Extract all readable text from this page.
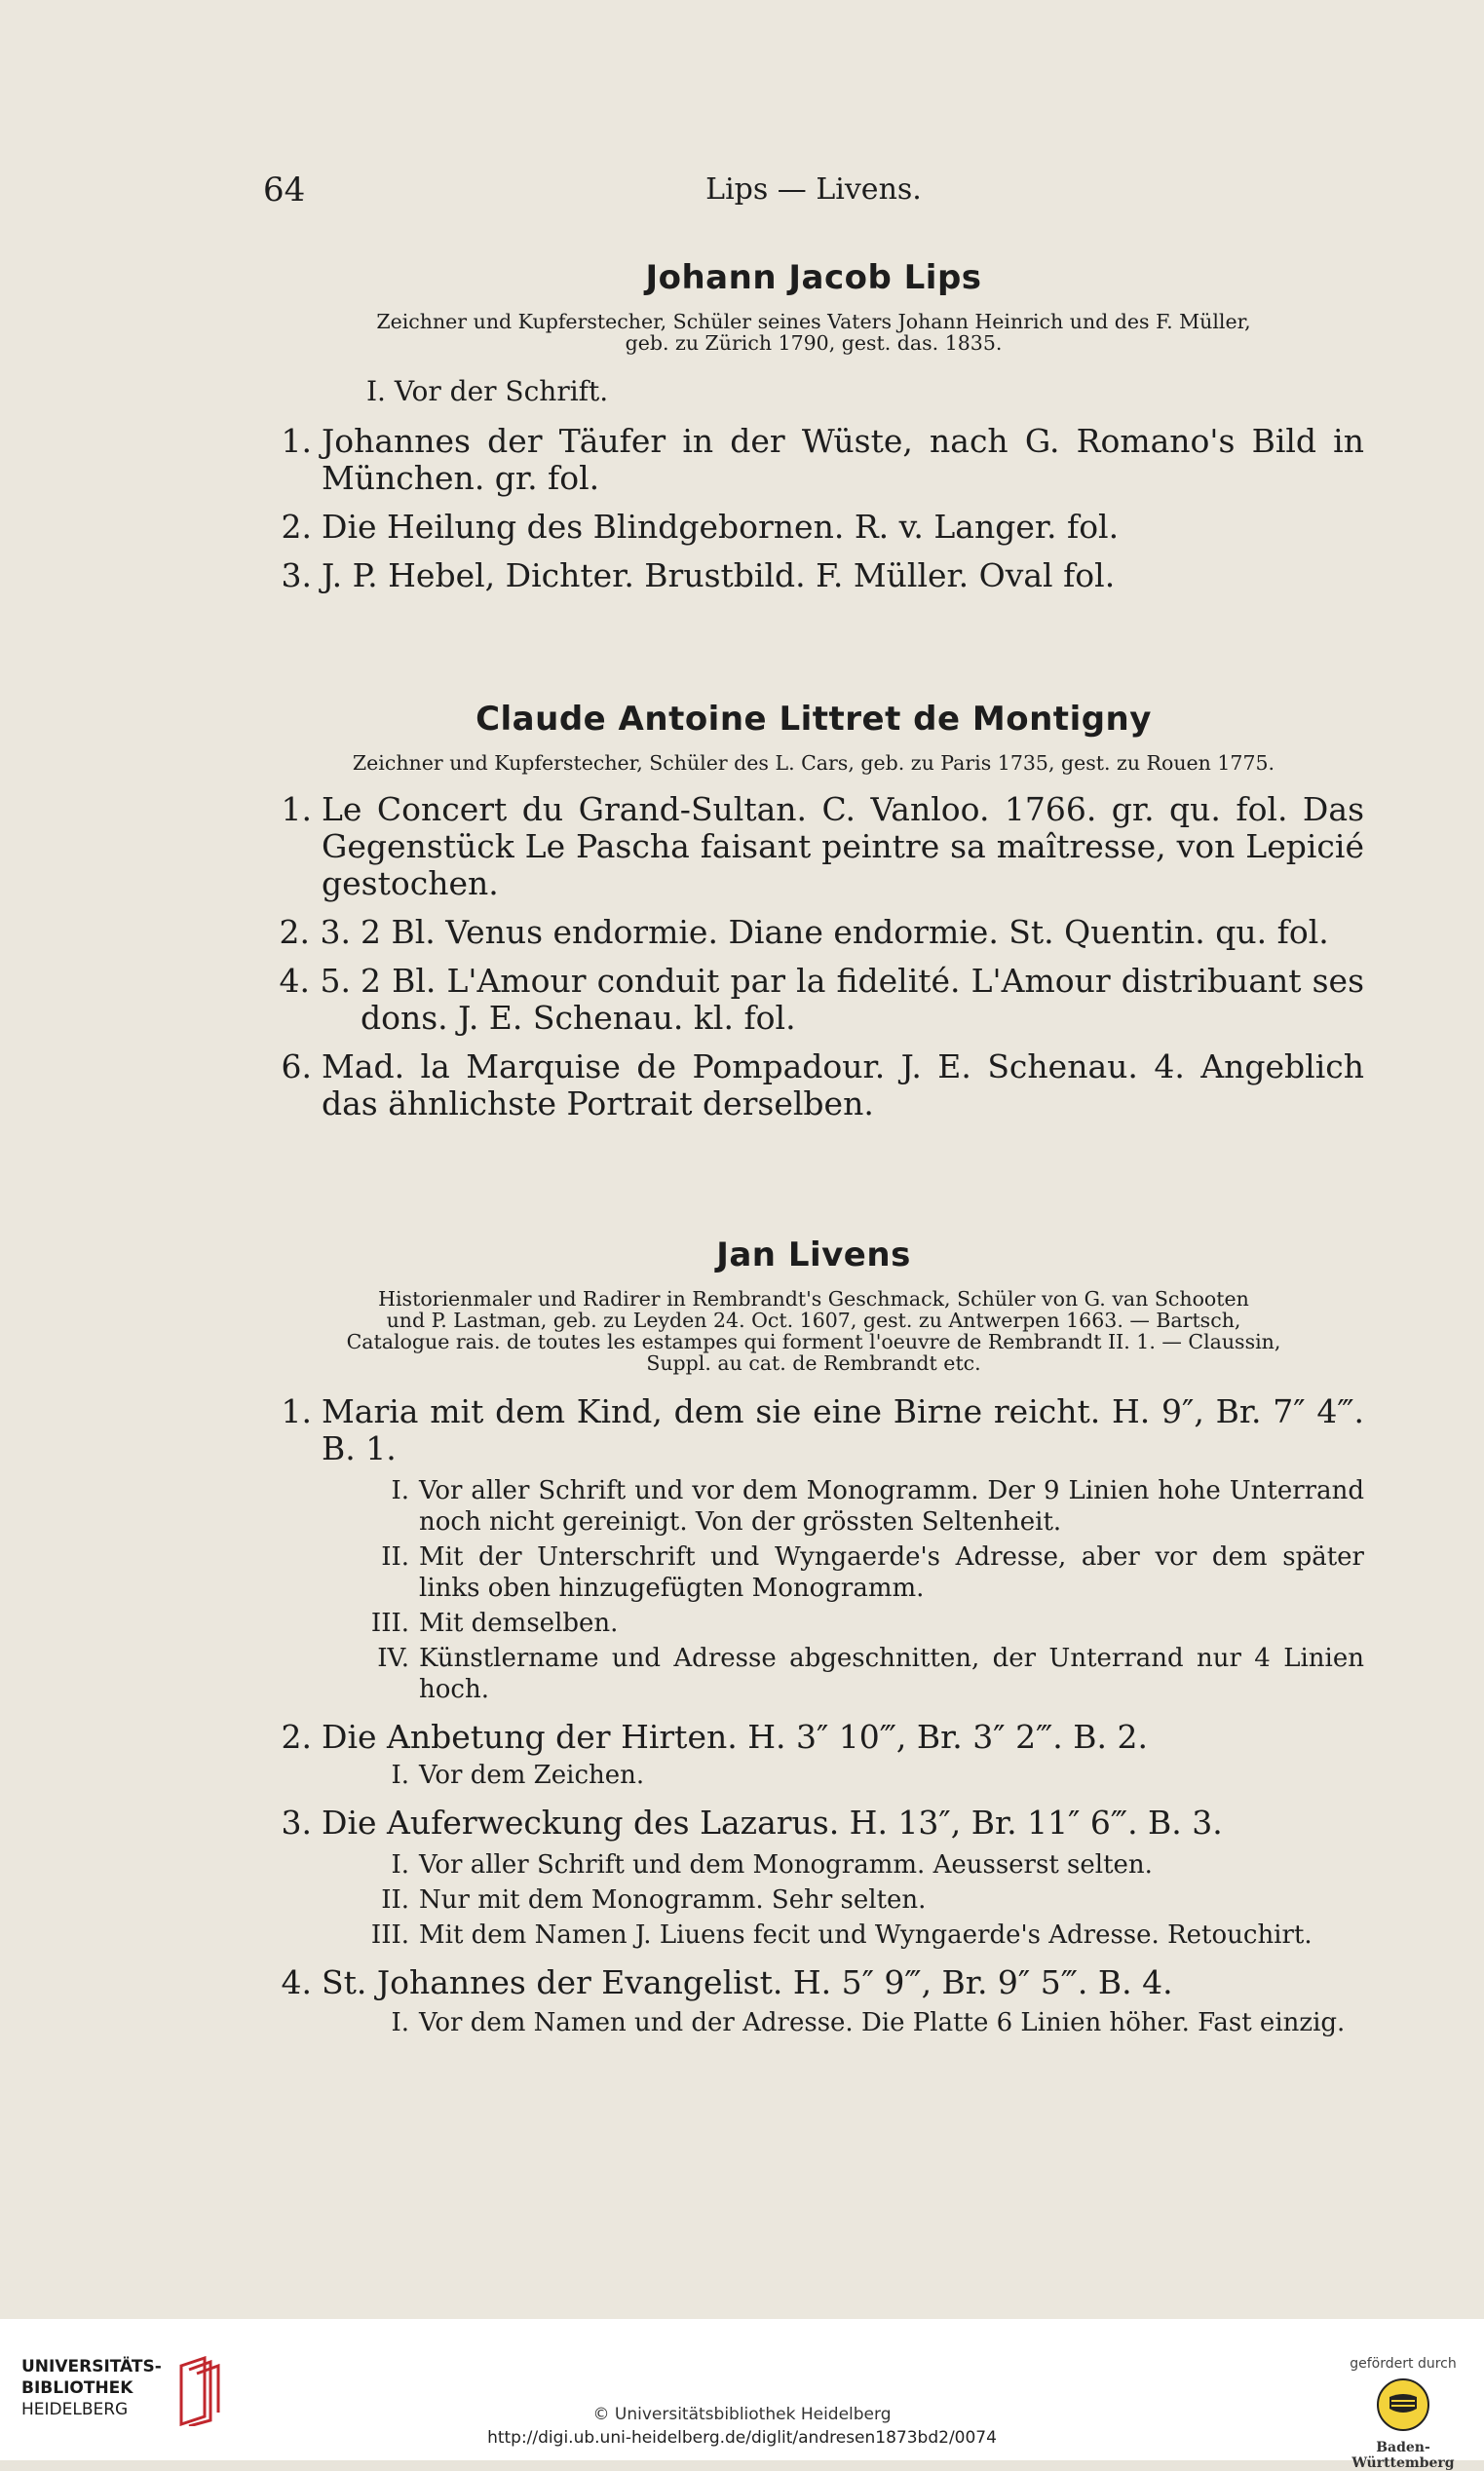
64	Lips — Livens.
Johann Jacob Lips
Zeichner und Kupferstecher, Schüler seines Vaters Johann Heinrich und des F. Müller,
geb. zu Zürich 1790, gest. das. 1835.
I. Vor der Schrift.
1. Johannes der Täufer in der Wüste, nach G. Romano's Bild in München. gr. fol.
2. Die Heilung des Blindgebornen. R. v. Langer. fol.
3. J. P. Hebel, Dichter. Brustbild. F. Müller. Oval fol.
Claude Antoine Littret de Montigny
Zeichner und Kupferstecher, Schüler des L. Cars, geb. zu Paris 1735, gest. zu Rouen 1775.
1. Le Concert du Grand-Sultan. C. Vanloo. 1766. gr. qu. fol. Das Gegenstück Le Pascha faisant peintre sa maîtresse, von Lepicié gestochen.
2. 3. 2 Bl. Venus endormie. Diane endormie. St. Quentin. qu. fol.
4. 5. 2 Bl. L'Amour conduit par la fidelité. L'Amour distribuant ses dons. J. E. Schenau. kl. fol.
6. Mad. la Marquise de Pompadour. J. E. Schenau. 4. Angeblich das ähnlichste Portrait derselben.
Jan Livens
Historienmaler und Radirer in Rembrandt's Geschmack, Schüler von G. van Schooten
und P. Lastman, geb. zu Leyden 24. Oct. 1607, gest. zu Antwerpen 1663. — Bartsch,
Catalogue rais. de toutes les estampes qui forment l'oeuvre de Rembrandt II. 1. — Claussin,
Suppl. au cat. de Rembrandt etc.
1. Maria mit dem Kind, dem sie eine Birne reicht. H. 9″, Br. 7″ 4‴. B. 1.
I. Vor aller Schrift und vor dem Monogramm. Der 9 Linien hohe Unterrand noch nicht gereinigt. Von der grössten Seltenheit.
II. Mit der Unterschrift und Wyngaerde's Adresse, aber vor dem später links oben hinzugefügten Monogramm.
III. Mit demselben.
IV. Künstlername und Adresse abgeschnitten, der Unterrand nur 4 Linien hoch.
2. Die Anbetung der Hirten. H. 3″ 10‴, Br. 3″ 2‴. B. 2.
I. Vor dem Zeichen.
3. Die Auferweckung des Lazarus. H. 13″, Br. 11″ 6‴. B. 3.
I. Vor aller Schrift und dem Monogramm. Aeusserst selten.
II. Nur mit dem Monogramm. Sehr selten.
III. Mit dem Namen J. Liuens fecit und Wyngaerde's Adresse. Retouchirt.
4. St. Johannes der Evangelist. H. 5″ 9‴, Br. 9″ 5‴. B. 4.
I. Vor dem Namen und der Adresse. Die Platte 6 Linien höher. Fast einzig.
UNIVERSITÄTS-
BIBLIOTHEK
HEIDELBERG	© Universitätsbibliothek Heidelberg
http://digi.ub.uni-heidelberg.de/diglit/andresen1873bd2/0074
gefördert durch
Baden-Württemberg
